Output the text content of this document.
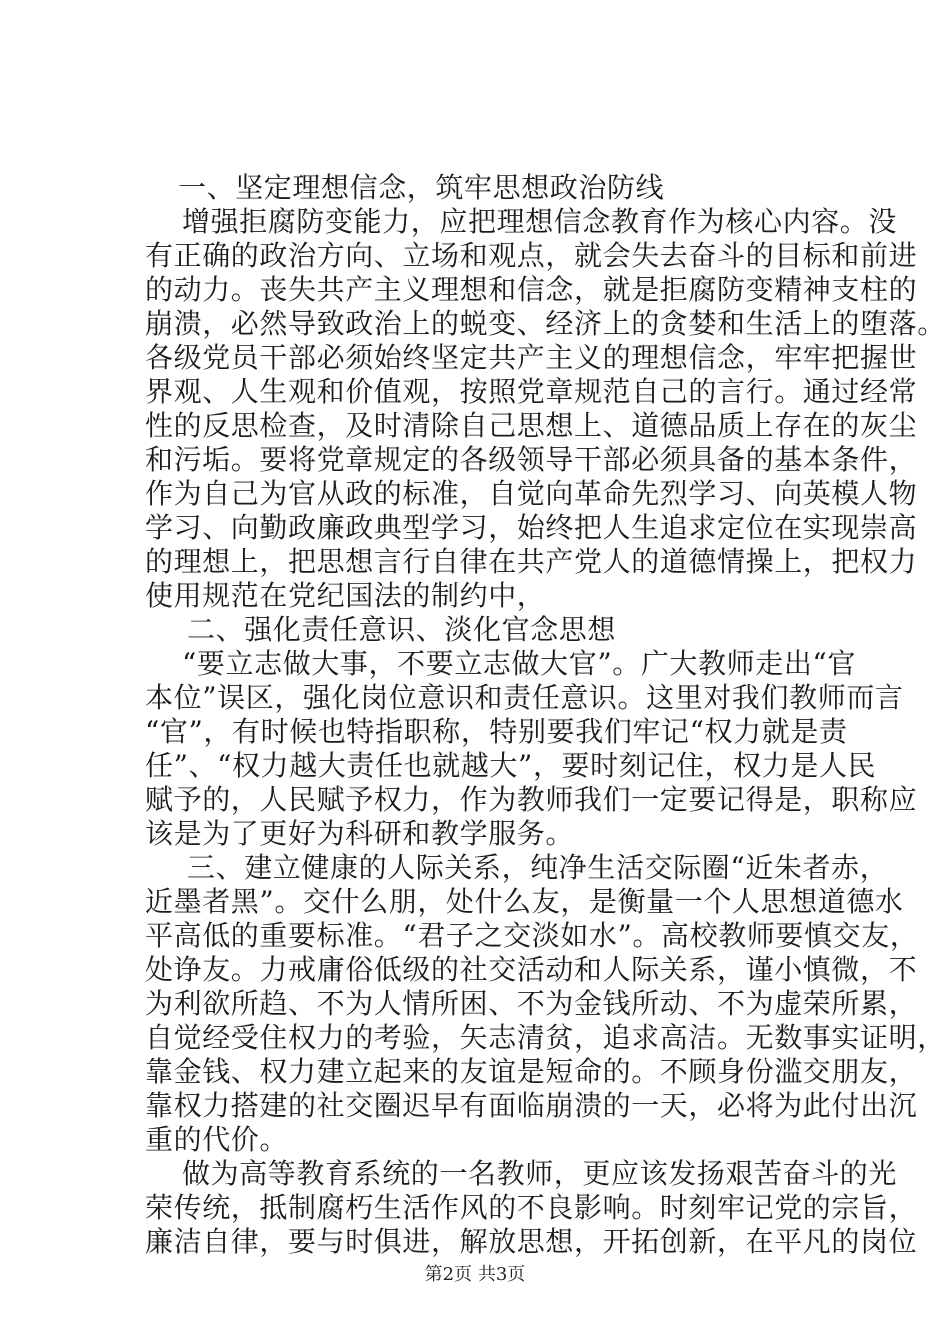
一、坚定理想信念，筑牢思想政治防线
增强拒腐防变能力，应把理想信念教育作为核心内容。没
有正确的政治方向、立场和观点，就会失去奋斗的目标和前进
的动力。丧失共产主义理想和信念，就是拒腐防变精神支柱的
崩溃，必然导致政治上的蜕变、经济上的贪婪和生活上的堕落。
各级党员干部必须始终坚定共产主义的理想信念，牢牢把握世
界观、人生观和价值观，按照党章规范自己的言行。通过经常
性的反思检查，及时清除自己思想上、道德品质上存在的灰尘
和污垢。要将党章规定的各级领导干部必须具备的基本条件，
作为自己为官从政的标准，自觉向革命先烈学习、向英模人物
学习、向勤政廉政典型学习，始终把人生追求定位在实现崇高
的理想上，把思想言行自律在共产党人的道德情操上，把权力
使用规范在党纪国法的制约中，
二、强化责任意识、淡化官念思想
“要立志做大事，不要立志做大官”。广大教师走出“官
本位”误区，强化岗位意识和责任意识。这里对我们教师而言
“官”，有时候也特指职称，特别要我们牢记“权力就是责
任”、“权力越大责任也就越大”，要时刻记住，权力是人民
赋予的，人民赋予权力，作为教师我们一定要记得是，职称应
该是为了更好为科研和教学服务。
三、建立健康的人际关系，纯净生活交际圈“近朱者赤，
近墨者黑”。交什么朋，处什么友，是衡量一个人思想道德水
平高低的重要标准。“君子之交淡如水”。高校教师要慎交友，
处诤友。力戒庸俗低级的社交活动和人际关系，谨小慎微，不
为利欲所趋、不为人情所困、不为金钱所动、不为虚荣所累，
自觉经受住权力的考验，矢志清贫，追求高洁。无数事实证明，
靠金钱、权力建立起来的友谊是短命的。不顾身份滥交朋友，
靠权力搭建的社交圈迟早有面临崩溃的一天，必将为此付出沉
重的代价。
做为高等教育系统的一名教师，更应该发扬艰苦奋斗的光
荣传统，抵制腐朽生活作风的不良影响。时刻牢记党的宗旨，
廉洁自律，要与时俱进，解放思想，开拓创新，在平凡的岗位
第2页 共3页
